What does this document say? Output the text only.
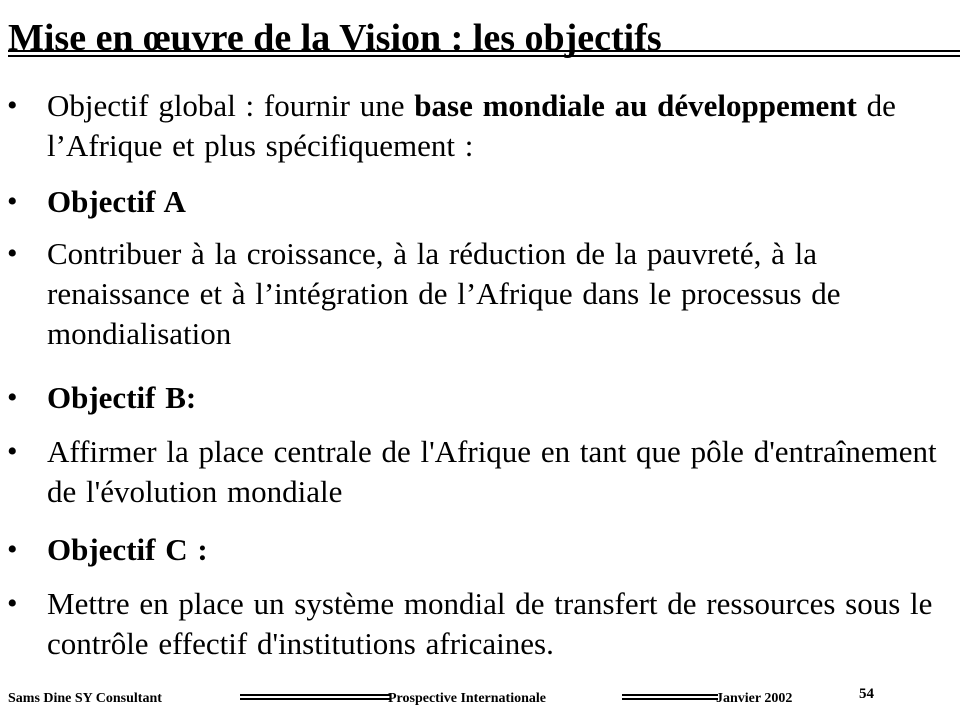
Mise en œuvre de la Vision : les objectifs
• Objectif global : fournir une base mondiale au développement de l’Afrique et plus spécifiquement :
• Objectif A
• Contribuer à la croissance, à la réduction de la pauvreté, à la renaissance et à l’intégration de l’Afrique dans le processus de mondialisation
• Objectif B:
• Affirmer la place centrale de l'Afrique en tant que pôle d'entraînement de l'évolution mondiale
• Objectif C :
• Mettre en place un système mondial de transfert de ressources sous le contrôle effectif d'institutions africaines.
Sams Dine SY Consultant	Prospective Internationale	Janvier 2002	54
